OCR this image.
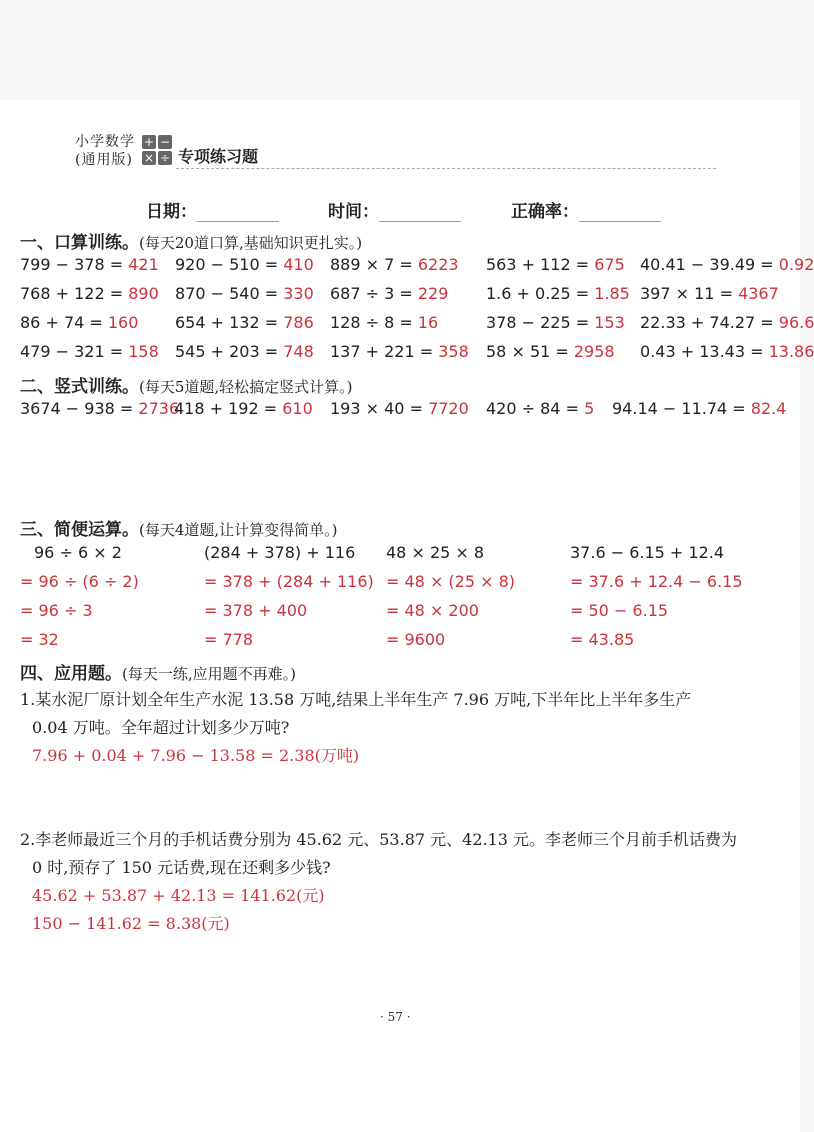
小学数学
(通用版)
+ −
× ÷ 专项练习题
日期：	时间：	正确率：
一、口算训练。(每天20道口算,基础知识更扎实。)
799 − 378 = 421 920 − 510 = 410 889 × 7 = 6223 563 + 112 = 675 40.41 − 39.49 = 0.92
768 + 122 = 890 870 − 540 = 330 687 ÷ 3 = 229 1.6 + 0.25 = 1.85 397 × 11 = 4367
86 + 74 = 160 654 + 132 = 786 128 ÷ 8 = 16	378 − 225 = 153 22.33 + 74.27 = 96.6
479 − 321 = 158 545 + 203 = 748 137 + 221 = 358 58 × 51 = 2958 0.43 + 13.43 = 13.86
二、竖式训练。(每天5道题,轻松搞定竖式计算。)
3674 − 938 = 2736
418 + 192 = 610 193 × 40 = 7720 420 ÷ 84 = 5 94.14 − 11.74 = 82.4
三、简便运算。(每天4道题,让计算变得简单。)
96 ÷ 6 × 2
= 96 ÷ (6 ÷ 2)
= 96 ÷ 3
= 32
(284 + 378) + 116
= 378 + (284 + 116)
= 378 + 400
= 778
48 × 25 × 8
= 48 × (25 × 8)
= 48 × 200
= 9600
37.6 − 6.15 + 12.4
= 37.6 + 12.4 − 6.15
= 50 − 6.15
= 43.85
四、应用题。(每天一练,应用题不再难。)
1.某水泥厂原计划全年生产水泥 13.58 万吨,结果上半年生产 7.96 万吨,下半年比上半年多生产
0.04 万吨。全年超过计划多少万吨?
7.96 + 0.04 + 7.96 − 13.58 = 2.38(万吨)
2.李老师最近三个月的手机话费分别为 45.62 元、53.87 元、42.13 元。李老师三个月前手机话费为
0 时,预存了 150 元话费,现在还剩多少钱?
45.62 + 53.87 + 42.13 = 141.62(元)
150 − 141.62 = 8.38(元)
· 57 ·
